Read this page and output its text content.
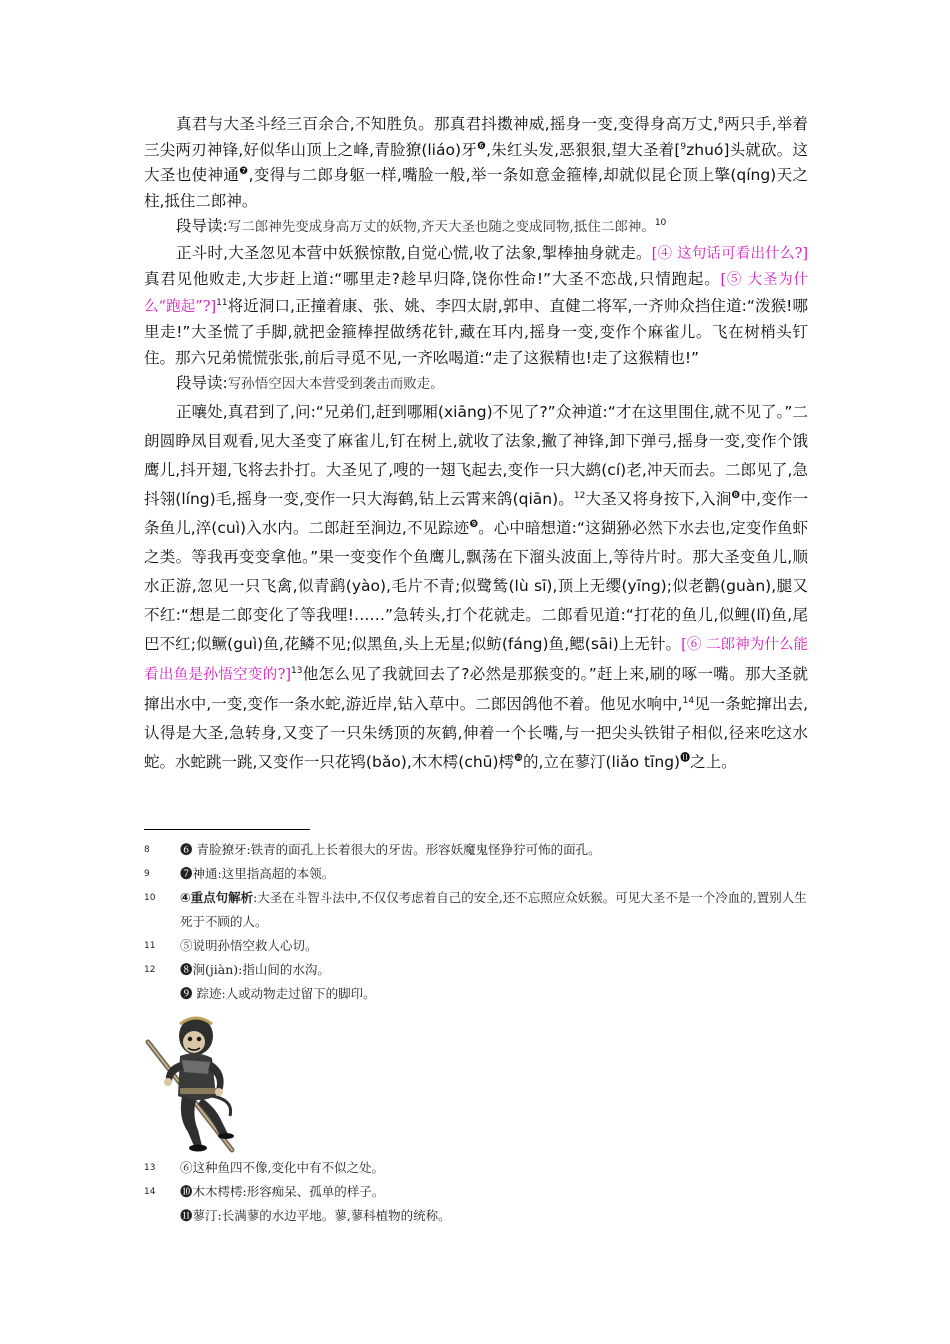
真君与大圣斗经三百余合,不知胜负。那真君抖擞神威,摇身一变,变得身高万丈,$^8$两只手,举着三尖两刃神锋,好似华山顶上之峰,青脸獠(liáo)牙$^❻$,朱红头发,恶狠狠,望大圣着[$^9$zhuó]头就砍。这大圣也使神通$^❼$,变得与二郎身躯一样,嘴脸一般,举一条如意金箍棒,却就似昆仑顶上擎(qíng)天之柱,抵住二郎神。

段导读:写二郎神先变成身高万丈的妖物,齐天大圣也随之变成同物,抵住二郎神。$^{10}$

正斗时,大圣忽见本营中妖猴惊散,自觉心慌,收了法象,掣棒抽身就走。[④ 这句话可看出什么?]真君见他败走,大步赶上道:“哪里走?趁早归降,饶你性命!”大圣不恋战,只情跑起。[⑤ 大圣为什么“跑起”?]$^{11}$将近洞口,正撞着康、张、姚、李四太尉,郭申、直健二将军,一齐帅众挡住道:“泼猴!哪里走!”大圣慌了手脚,就把金箍棒捏做绣花针,藏在耳内,摇身一变,变作个麻雀儿。飞在树梢头钉住。那六兄弟慌慌张张,前后寻觅不见,一齐吆喝道:“走了这猴精也!走了这猴精也!”

段导读:写孙悟空因大本营受到袭击而败走。

正嚷处,真君到了,问:“兄弟们,赶到哪厢(xiāng)不见了?”众神道:“才在这里围住,就不见了。”二朗圆睁凤目观看,见大圣变了麻雀儿,钉在树上,就收了法象,撇了神锋,卸下弹弓,摇身一变,变作个饿鹰儿,抖开翅,飞将去扑打。大圣见了,嗖的一翅飞起去,变作一只大鹚(cí)老,冲天而去。二郎见了,急抖翎(líng)毛,摇身一变,变作一只大海鹤,钻上云霄来鸽(qiān)。$^{12}$大圣又将身按下,入涧$^❽$中,变作一条鱼儿,淬(cuì)入水内。二郎赶至涧边,不见踪迹$^❾$。心中暗想道:“这猢狲必然下水去也,定变作鱼虾之类。等我再变变拿他。”果一变变作个鱼鹰儿,飘荡在下溜头波面上,等待片时。那大圣变鱼儿,顺水正游,忽见一只飞禽,似青鹞(yào),毛片不青;似鹭鸶(lù sī),顶上无缨(yīng);似老鹳(guàn),腿又不红:“想是二郎变化了等我哩!……”急转头,打个花就走。二郎看见道:“打花的鱼儿,似鲤(lǐ)鱼,尾巴不红;似鳜(guì)鱼,花鳞不见;似黑鱼,头上无星;似鲂(fáng)鱼,鳃(sāi)上无针。[⑥ 二郎神为什么能看出鱼是孙悟空变的?]$^{13}$他怎么见了我就回去了?必然是那猴变的。”赶上来,刷的啄一嘴。那大圣就撺出水中,一变,变作一条水蛇,游近岸,钻入草中。二郎因鸽他不着。他见水响中,$^{14}$见一条蛇撺出去,认得是大圣,急转身,又变了一只朱绣顶的灰鹤,伸着一个长嘴,与一把尖头铁钳子相似,径来吃这水蛇。水蛇跳一跳,又变作一只花鸨(bǎo),木木樗(chū)樗$^❿$的,立在蓼汀(liǎo tīng)⓫之上。

8 ❻ 青脸獠牙:铁青的面孔上长着很大的牙齿。形容妖魔鬼怪狰狞可怖的面孔。
9 ❼神通:这里指高超的本领。
10 ④重点句解析:大圣在斗智斗法中,不仅仅考虑着自己的安全,还不忘照应众妖猴。可见大圣不是一个冷血的,置别人生死于不顾的人。
11 ⑤说明孙悟空救人心切。
12 ❽涧(jiàn):指山间的水沟。
❾ 踪迹:人或动物走过留下的脚印。
13 ⑥这种鱼四不像,变化中有不似之处。
14 ❿木木樗樗:形容痴呆、孤单的样子。
⓫蓼汀:长满蓼的水边平地。蓼,蓼科植物的统称。
